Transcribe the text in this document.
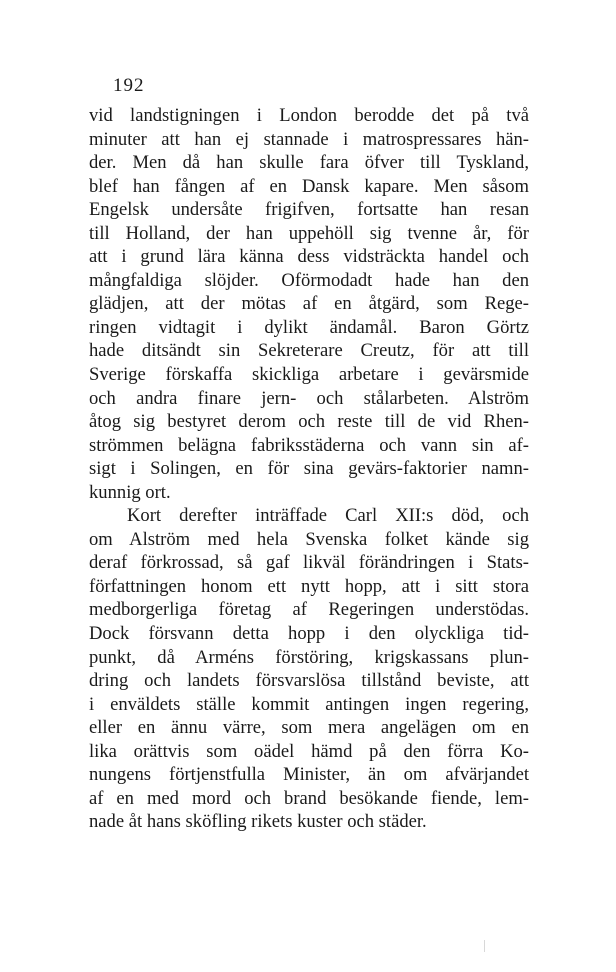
192
vid landstigningen i London berodde det på två
minuter att han ej stannade i matrospressares hän-
der. Men då han skulle fara öfver till Tyskland,
blef han fången af en Dansk kapare. Men såsom
Engelsk undersåte frigifven, fortsatte han resan
till Holland, der han uppehöll sig tvenne år, för
att i grund lära känna dess vidsträckta handel och
mångfaldiga slöjder. Oförmodadt hade han den
glädjen, att der mötas af en åtgärd, som Rege-
ringen vidtagit i dylikt ändamål. Baron Görtz
hade ditsändt sin Sekreterare Creutz, för att till
Sverige förskaffa skickliga arbetare i gevärsmide
och andra finare jern- och stålarbeten. Alström
åtog sig bestyret derom och reste till de vid Rhen-
strömmen belägna fabriksstäderna och vann sin af-
sigt i Solingen, en för sina gevärs-faktorier namn-
kunnig ort.
Kort derefter inträffade Carl XII:s död, och
om Alström med hela Svenska folket kände sig
deraf förkrossad, så gaf likväl förändringen i Stats-
författningen honom ett nytt hopp, att i sitt stora
medborgerliga företag af Regeringen understödas.
Dock försvann detta hopp i den olyckliga tid-
punkt, då Arméns förstöring, krigskassans plun-
dring och landets försvarslösa tillstånd beviste, att
i enväldets ställe kommit antingen ingen regering,
eller en ännu värre, som mera angelägen om en
lika orättvis som oädel hämd på den förra Ko-
nungens förtjenstfulla Minister, än om afvärjandet
af en med mord och brand besökande fiende, lem-
nade åt hans sköfling rikets kuster och städer.
